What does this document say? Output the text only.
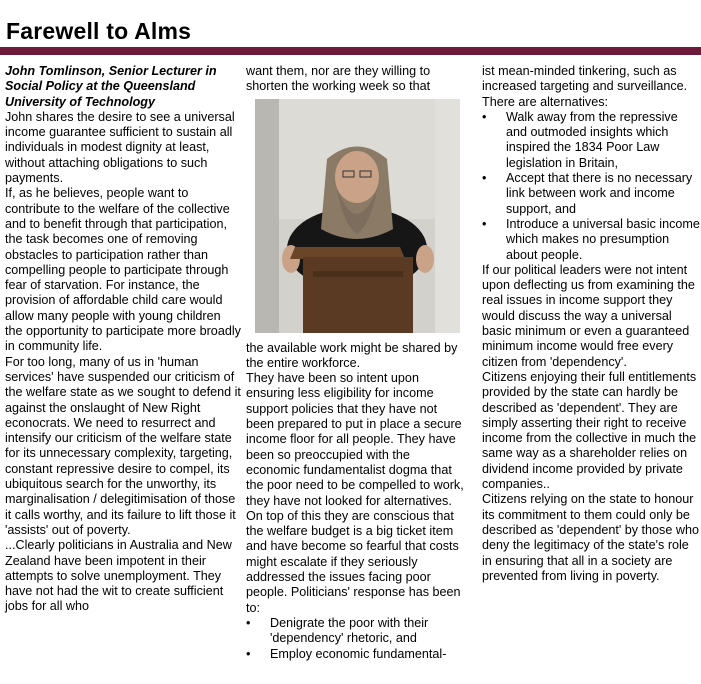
Farewell to Alms

John Tomlinson, Senior Lecturer in Social Policy at the Queensland University of Technology

John shares the desire to see a universal income guarantee sufficient to sustain all individuals in modest dignity at least, without attaching obligations to such payments.

If, as he believes, people want to contribute to the welfare of the collective and to benefit through that participation, the task becomes one of removing obstacles to participation rather than compelling people to participate through fear of starvation. For instance, the provision of affordable child care would allow many people with young children the opportunity to participate more broadly in community life.

For too long, many of us in 'human services' have suspended our criticism of the welfare state as we sought to defend it against the onslaught of New Right econocrats. We need to resurrect and intensify our criticism of the welfare state for its unnecessary complexity, targeting, constant repressive desire to compel, its ubiquitous search for the unworthy, its marginalisation / delegitimisation of those it calls worthy, and its failure to lift those it 'assists' out of poverty.

...Clearly politicians in Australia and New Zealand have been impotent in their attempts to solve unemployment. They have not had the wit to create sufficient jobs for all who

want them, nor are they willing to shorten the working week so that

the available work might be shared by the entire workforce.

They have been so intent upon ensuring less eligibility for income support policies that they have not been prepared to put in place a secure income floor for all people. They have been so preoccupied with the economic fundamentalist dogma that the poor need to be compelled to work, they have not looked for alternatives. On top of this they are conscious that the welfare budget is a big ticket item and have become so fearful that costs might escalate if they seriously addressed the issues facing poor people. Politicians' response has been to:

•	Denigrate the poor with their 'dependency' rhetoric, and
•	Employ economic fundamental-

ist mean-minded tinkering, such as increased targeting and surveillance.

There are alternatives:

•	Walk away from the repressive and outmoded insights which inspired the 1834 Poor Law legislation in Britain,
•	Accept that there is no necessary link between work and income support, and
•	Introduce a universal basic income which makes no presumption about people.

If our political leaders were not intent upon deflecting us from examining the real issues in income support they would discuss the way a universal basic minimum or even a guaranteed minimum income would free every citizen from 'dependency'.

Citizens enjoying their full entitlements provided by the state can hardly be described as 'dependent'. They are simply asserting their right to receive income from the collective in much the same way as a shareholder relies on dividend income provided by private companies..

Citizens relying on the state to honour its commitment to them could only be described as 'dependent' by those who deny the legitimacy of the state's role in ensuring that all in a society are prevented from living in poverty.
